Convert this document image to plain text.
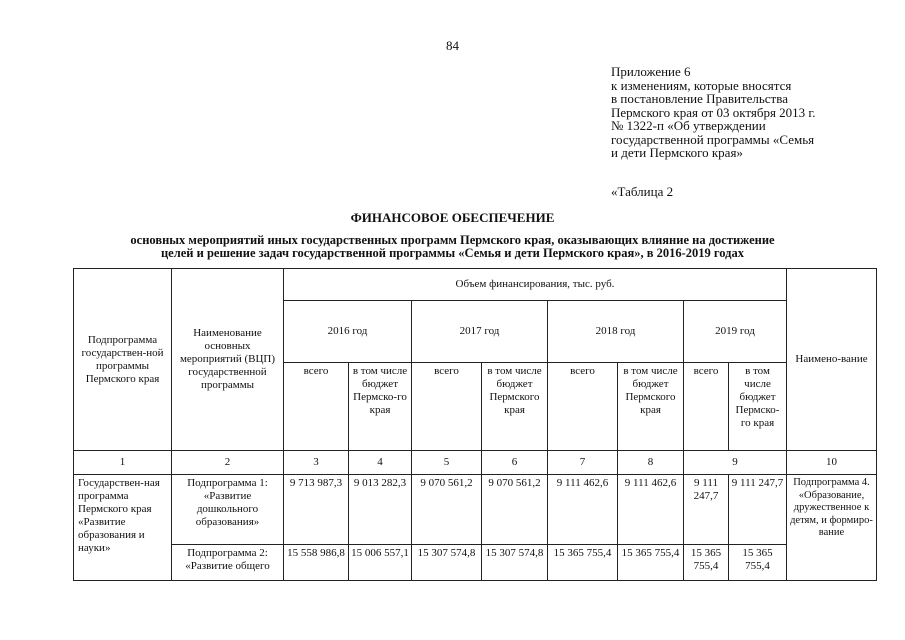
84
Приложение 6
к изменениям, которые вносятся
в постановление Правительства
Пермского края от 03 октября 2013 г.
№ 1322-п «Об утверждении
государственной программы «Семья
и дети Пермского края»
«Таблица 2
ФИНАНСОВОЕ ОБЕСПЕЧЕНИЕ
основных мероприятий иных государственных программ Пермского края, оказывающих влияние на достижение
целей и решение задач государственной программы «Семья и дети Пермского края», в 2016-2019 годах
Подпрограмма государствен-ной программы Пермского края	Наименование основных мероприятий (ВЦП) государственной программы	Объем финансирования, тыс. руб.								Наимено-вание
		2016 год		2017 год		2018 год		2019 год		
		всего	в том числе бюджет Пермско-го края	всего	в том числе бюджет Пермского края	всего	в том числе бюджет Пермского края	всего	в том числе бюджет Пермско-го края	
1	2	3	4	5	6	7	8	9		10
Государствен-ная программа Пермского края «Развитие образования и науки»	Подпрограмма 1: «Развитие дошкольного образования»	9 713 987,3	9 013 282,3	9 070 561,2	9 070 561,2	9 111 462,6	9 111 462,6	9 111 247,7	9 111 247,7	Подпрограмма 4. «Образование, дружественное к детям, и формиро-вание
	Подпрограмма 2: «Развитие общего	15 558 986,8	15 006 557,1	15 307 574,8	15 307 574,8	15 365 755,4	15 365 755,4	15 365 755,4	15 365 755,4	
